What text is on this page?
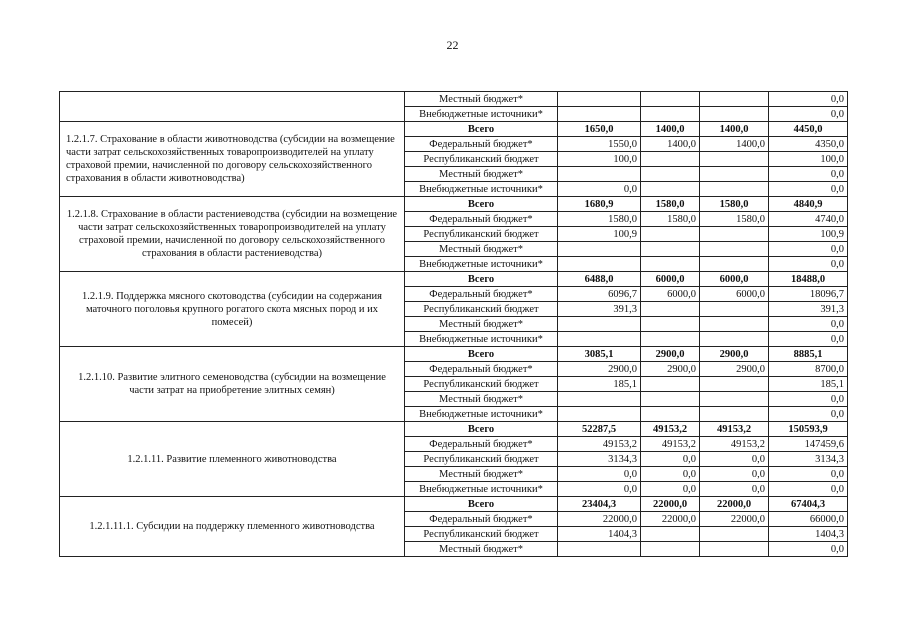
22
	Местный бюджет*				0,0
	Внебюджетные источники*				0,0
1.2.1.7. Страхование в области животноводства (субсидии на возмещение части затрат сельскохозяйственных товаропроизводителей на уплату страховой премии, начисленной по договору сельскохозяйственного страхования в области животноводства)	Всего	1650,0	1400,0	1400,0	4450,0
	Федеральный бюджет*	1550,0	1400,0	1400,0	4350,0
	Республиканский бюджет	100,0			100,0
	Местный бюджет*				0,0
	Внебюджетные источники*	0,0			0,0
1.2.1.8. Страхование в области растениеводства (субсидии на возмещение части затрат сельскохозяйственных товаропроизводителей на уплату страховой премии, начисленной по договору сельскохозяйственного страхования в области растениеводства)	Всего	1680,9	1580,0	1580,0	4840,9
	Федеральный бюджет*	1580,0	1580,0	1580,0	4740,0
	Республиканский бюджет	100,9			100,9
	Местный бюджет*				0,0
	Внебюджетные источники*				0,0
1.2.1.9. Поддержка мясного скотоводства (субсидии на содержания маточного поголовья крупного рогатого скота мясных пород и их помесей)	Всего	6488,0	6000,0	6000,0	18488,0
	Федеральный бюджет*	6096,7	6000,0	6000,0	18096,7
	Республиканский бюджет	391,3			391,3
	Местный бюджет*				0,0
	Внебюджетные источники*				0,0
1.2.1.10. Развитие элитного семеноводства (субсидии на возмещение части затрат на приобретение элитных семян)	Всего	3085,1	2900,0	2900,0	8885,1
	Федеральный бюджет*	2900,0	2900,0	2900,0	8700,0
	Республиканский бюджет	185,1			185,1
	Местный бюджет*				0,0
	Внебюджетные источники*				0,0
1.2.1.11. Развитие племенного животноводства	Всего	52287,5	49153,2	49153,2	150593,9
	Федеральный бюджет*	49153,2	49153,2	49153,2	147459,6
	Республиканский бюджет	3134,3	0,0	0,0	3134,3
	Местный бюджет*	0,0	0,0	0,0	0,0
	Внебюджетные источники*	0,0	0,0	0,0	0,0
1.2.1.11.1. Субсидии на поддержку племенного животноводства	Всего	23404,3	22000,0	22000,0	67404,3
	Федеральный бюджет*	22000,0	22000,0	22000,0	66000,0
	Республиканский бюджет	1404,3			1404,3
	Местный бюджет*				0,0
